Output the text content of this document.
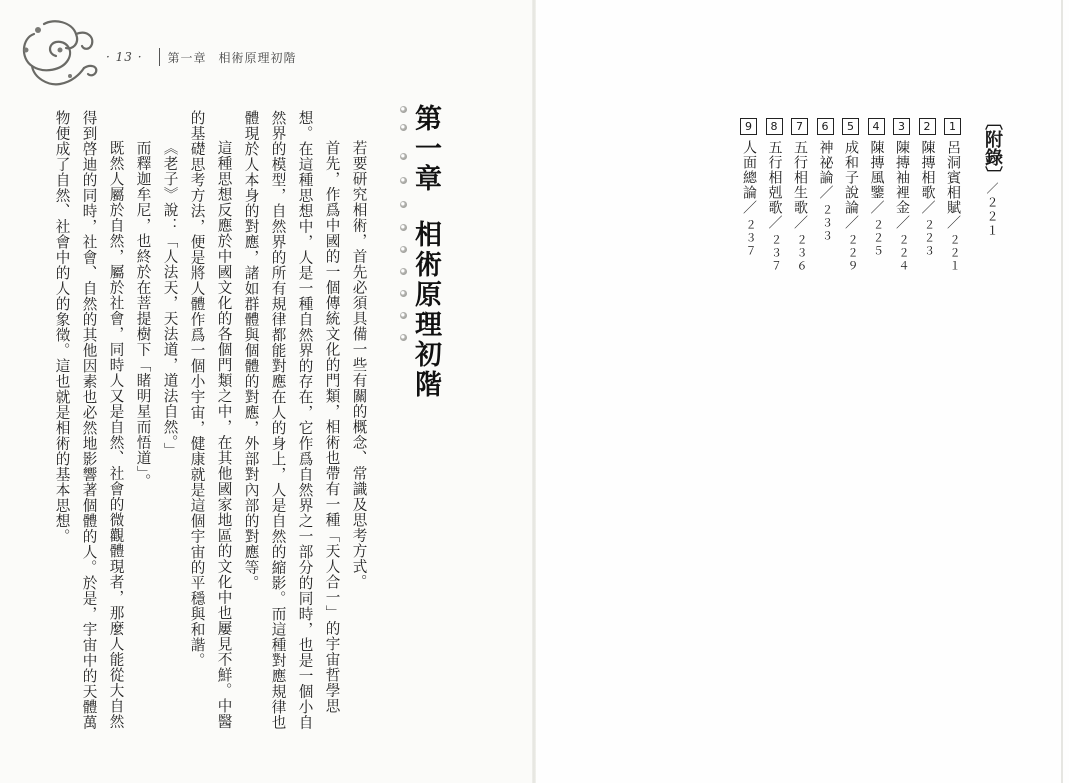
· 13 · 第一章 相術原理初階
第一章相術原理初階
若要研究相術，首先必須具備一些有關的概念、常識及思考方式。
首先，作爲中國的一個傳統文化的門類，相術也帶有一種「天人合一」的宇宙哲學思
想。在這種思想中，人是一種自然界的存在，它作爲自然界之一部分的同時，也是一個小自
然界的模型，自然界的所有規律都能對應在人的身上，人是自然的縮影。而這種對應規律也
體現於人本身的對應，諸如群體與個體的對應，外部對內部的對應等。
這種思想反應於中國文化的各個門類之中，在其他國家地區的文化中也屢見不鮮。中醫
的基礎思考方法，便是將人體作爲一個小宇宙，健康就是這個宇宙的平穩與和諧。
《老子》說：「人法天，天法道，道法自然。」
而釋迦牟尼，也終於在菩提樹下「睹明星而悟道」。
既然人屬於自然，屬於社會，同時人又是自然、社會的微觀體現者，那麼人能從大自然
得到啓迪的同時，社會、自然的其他因素也必然地影響著個體的人。於是，宇宙中的天體萬
物便成了自然、社會中的人的象徵。這也就是相術的基本思想。	〔附錄〕
／２２１
1
呂洞賓相賦／
２２１
2
陳摶相歌／
２２３
3
陳摶袖裡金／
２２４
4
陳摶風鑒／
２２５
5
成和子說論／
２２９
6
神祕論／
２３３
7
五行相生歌／
２３６
8
五行相剋歌／
２３７
9
人面總論／
２３７
